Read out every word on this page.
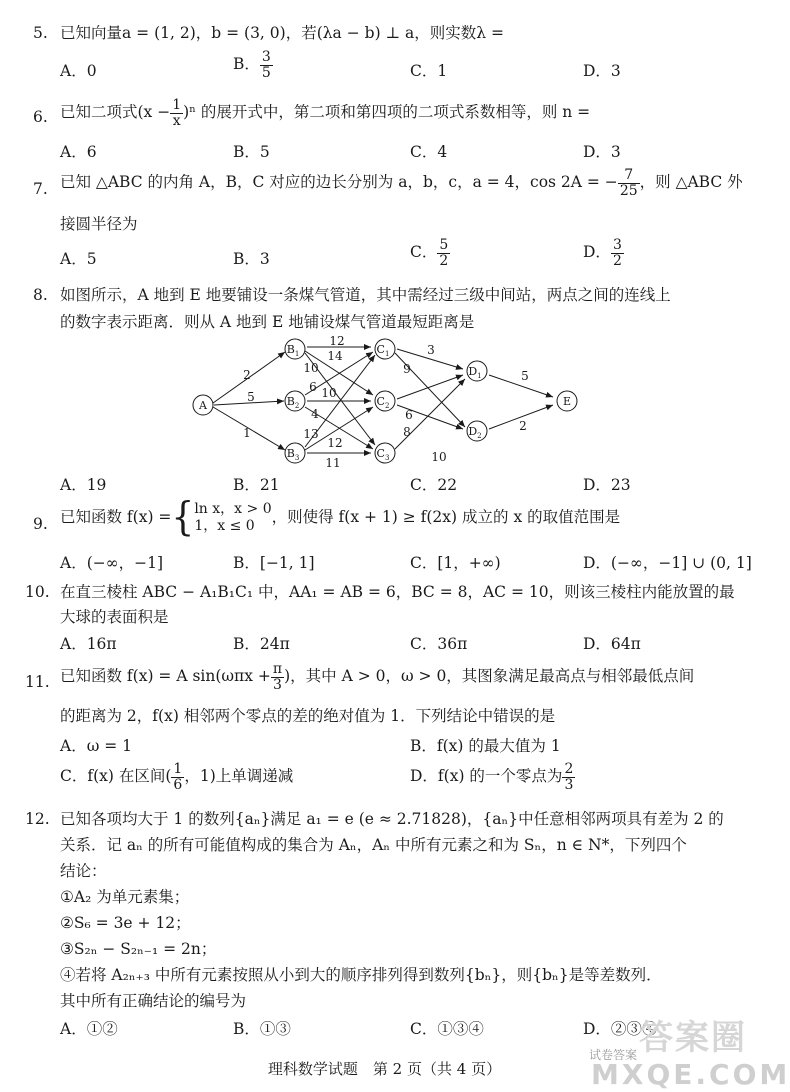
5. 已知向量a = (1, 2)，b = (3, 0)，若(λa − b) ⊥ a，则实数λ =
A．0	B． $\frac{3}{5}$	C．1	D．3
6. 已知二项式$(x - \frac{1}{x} )^n$ 的展开式中，第二项和第四项的二项式系数相等，则 n =
A．6	B．5	C．4	D．3
7. 已知 △ABC 的内角 A，B，C 对应的边长分别为 a，b，c，a = 4，cos 2A = − $\frac{7}{25}$ ，则 △ABC 外
接圆半径为
A．5	B．3	C． $\frac{5}{2}$	D． $\frac{3}{2}$
8. 如图所示，A 地到 E 地要铺设一条煤气管道，其中需经过三级中间站，两点之间的连线上
的数字表示距离．则从 A 地到 E 地铺设煤气管道最短距离是
A
$B_1$
$B_2$
$B_3$
$C_1$
$C_2$
$C_3$
$D_1$
$D_2$
E
2
5
1
12
14
10
6 10
4
13
12
11
3
9
6
8
10
5
2
A．19	B．21	C．22	D．23
9. 已知函数 f(x) ={ ln x，x > 0
1，x ≤ 0	，则使得 f(x + 1) ≥ f(2x) 成立的 x 的取值范围是
A．(−∞，−1]	B．[−1, 1]	C．[1，+∞)	D．(−∞，−1] ∪ (0, 1]
10. 在直三棱柱 ABC − A₁B₁C₁ 中，AA₁ = AB = 6，BC = 8，AC = 10，则该三棱柱内能放置的最
大球的表面积是
A．16π	B．24π	C．36π	D．64π
11. 已知函数 f(x) = A $\sin(\omega\pi x + \frac{\pi}{3}$ )，其中 A > 0，ω > 0，其图象满足最高点与相邻最低点间
的距离为 2，f(x) 相邻两个零点的差的绝对值为 1．下列结论中错误的是
A．ω = 1	B．f(x) 的最大值为 1
C．f(x) 在区间( $\frac{1}{6}$ ，1)上单调递减	D．f(x) 的一个零点为 $\frac{2}{3}$
12. 已知各项均大于 1 的数列{aₙ}满足 a₁ = e (e ≈ 2.71828)，{aₙ}中任意相邻两项具有差为 2 的
关系．记 aₙ 的所有可能值构成的集合为 Aₙ，Aₙ 中所有元素之和为 Sₙ，n ∈ N*，下列四个
结论：
①A₂ 为单元素集；
②S₆ = 3e + 12；
③S₂ₙ − S₂ₙ₋₁ = 2n；
④若将 A₂ₙ₊₃ 中所有元素按照从小到大的顺序排列得到数列{bₙ}，则{bₙ}是等差数列．
其中所有正确结论的编号为
A．①②	B．①③	C．①③④	D．②③④
理科数学试题　第 2 页（共 4 页）
答案圈
试卷答案
MXQE.COM
